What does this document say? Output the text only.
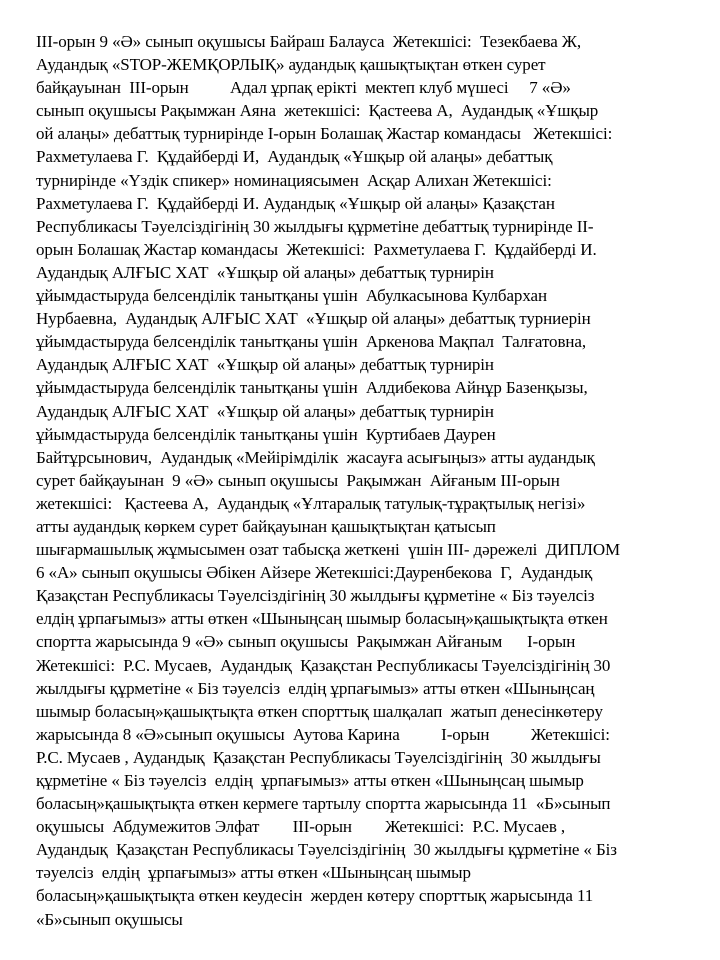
III-орын 9 «Ә» сынып оқушысы Байраш Балауса  Жетекшісі:  Тезекбаева Ж,
Аудандық «STOP-ЖЕМҚОРЛЫҚ» аудандық қашықтықтан өткен сурет
байқауынан  III-орын          Адал ұрпақ ерікті  мектеп клуб мүшесі     7 «Ә»
сынып оқушысы Рақымжан Аяна  жетекшісі:  Қастеева А,  Аудандық «Ұшқыр
ой алаңы» дебаттық турнирінде I-орын Болашақ Жастар командасы   Жетекшісі:
Рахметулаева Г.  Құдайберді И,  Аудандық «Ұшқыр ой алаңы» дебаттық
турнирінде «Үздік спикер» номинациясымен  Асқар Алихан Жетекшісі:
Рахметулаева Г.  Құдайберді И. Аудандық «Ұшқыр ой алаңы» Қазақстан
Республикасы Тәуелсіздігінің 30 жылдығы құрметіне дебаттық турнирінде II-
орын Болашақ Жастар командасы  Жетекшісі:  Рахметулаева Г.  Құдайберді И.
Аудандық АЛҒЫС ХАТ  «Ұшқыр ой алаңы» дебаттық турнирін
ұйымдастыруда белсенділік танытқаны үшін  Абулкасынова Кулбархан
Нурбаевна,  Аудандық АЛҒЫС ХАТ  «Ұшқыр ой алаңы» дебаттық турниерін
ұйымдастыруда белсенділік танытқаны үшін  Аркенова Мақпал  Талғатовна,
Аудандық АЛҒЫС ХАТ  «Ұшқыр ой алаңы» дебаттық турнирін
ұйымдастыруда белсенділік танытқаны үшін  Алдибекова Айнұр Базенқызы,
Аудандық АЛҒЫС ХАТ  «Ұшқыр ой алаңы» дебаттық турнирін
ұйымдастыруда белсенділік танытқаны үшін  Куртибаев Даурен
Байтұрсынович,  Аудандық «Мейірімділік  жасауға асығыңыз» атты аудандық
сурет байқауынан  9 «Ә» сынып оқушысы  Рақымжан  Айғаным III-орын
жетекшісі:   Қастеева А,  Аудандық «Ұлтаралық татулық-тұрақтылық негізі»
атты аудандық көркем сурет байқауынан қашықтықтан қатысып
шығармашылық жұмысымен озат табысқа жеткені  үшін III- дәрежелі  ДИПЛОМ
6 «А» сынып оқушысы Әбікен Айзере Жетекшісі:Дауренбекова  Г,  Аудандық
Қазақстан Республикасы Тәуелсіздігінің 30 жылдығы құрметіне « Біз тәуелсіз
елдің ұрпағымыз» атты өткен «Шыныңсаң шымыр боласың»қашықтықта өткен
спортта жарысында 9 «Ә» сынып оқушысы  Рақымжан Айғаным      I-орын
Жетекшісі:  Р.С. Мусаев,  Аудандық  Қазақстан Республикасы Тәуелсіздігінің 30
жылдығы құрметіне « Біз тәуелсіз  елдің ұрпағымыз» атты өткен «Шыныңсаң
шымыр боласың»қашықтықта өткен спорттық шалқалап  жатып денесінкөтеру
жарысында 8 «Ә»сынып оқушысы  Аутова Карина          I-орын          Жетекшісі:
Р.С. Мусаев , Аудандық  Қазақстан Республикасы Тәуелсіздігінің  30 жылдығы
құрметіне « Біз тәуелсіз  елдің  ұрпағымыз» атты өткен «Шыныңсаң шымыр
боласың»қашықтықта өткен кермеге тартылу спортта жарысында 11  «Б»сынып
оқушысы  Абдумежитов Элфат        III-орын        Жетекшісі:  Р.С. Мусаев ,
Аудандық  Қазақстан Республикасы Тәуелсіздігінің  30 жылдығы құрметіне « Біз
тәуелсіз  елдің  ұрпағымыз» атты өткен «Шыныңсаң шымыр
боласың»қашықтықта өткен кеудесін  жерден көтеру спорттық жарысында 11
«Б»сынып оқушысы
